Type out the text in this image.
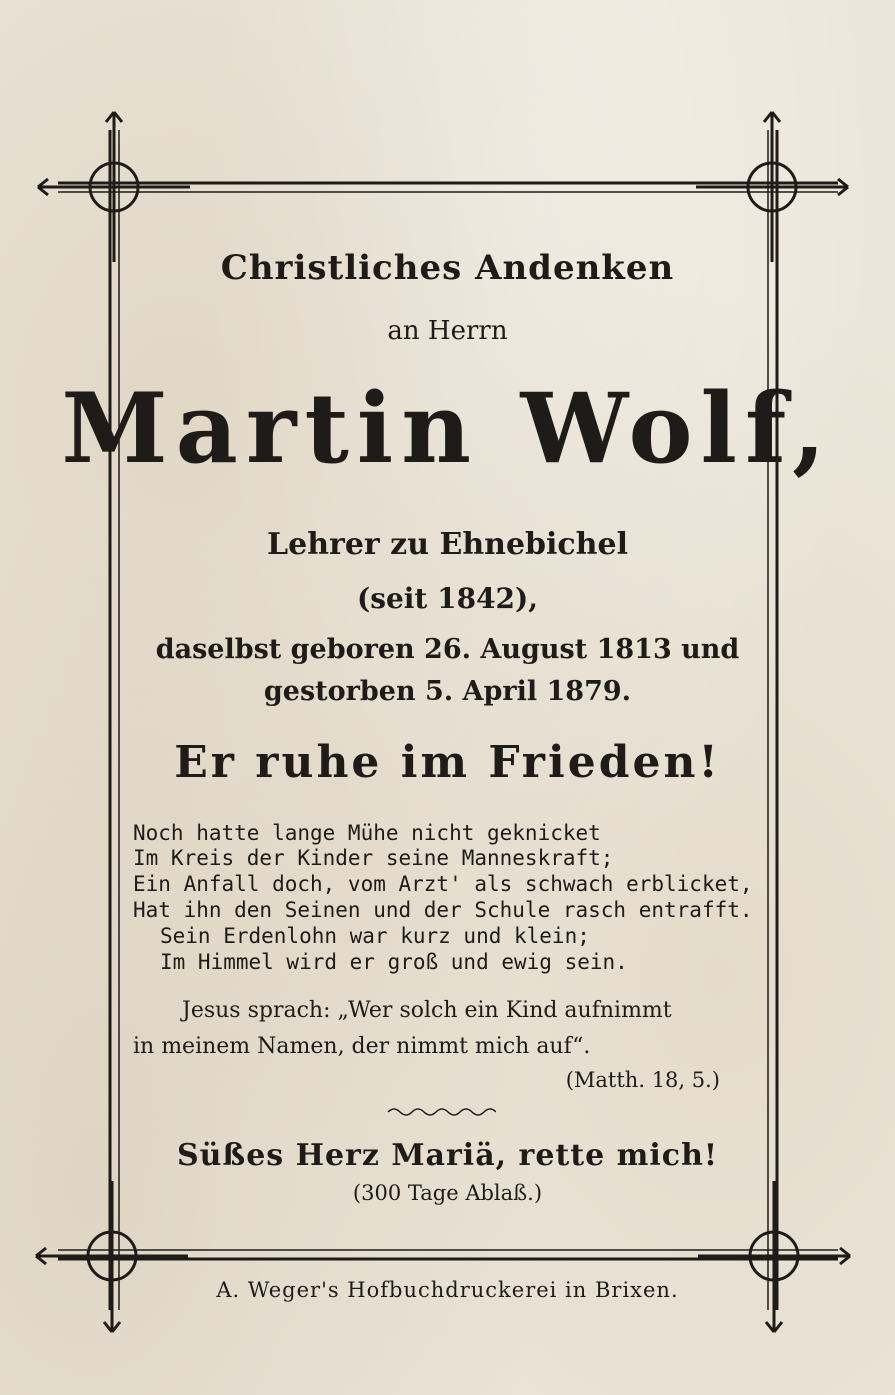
Christliches Andenken
an Herrn
Martin Wolf,
Lehrer zu Ehnebichel
(seit 1842),
daselbst geboren 26. August 1813 und
gestorben 5. April 1879.
Er ruhe im Frieden!
Noch hatte lange Mühe nicht geknicket
Im Kreis der Kinder seine Manneskraft;
Ein Anfall doch, vom Arzt' als schwach erblicket,
Hat ihn den Seinen und der Schule rasch entrafft.
Sein Erdenlohn war kurz und klein;
Im Himmel wird er groß und ewig sein.
Jesus sprach: „Wer solch ein Kind aufnimmt
in meinem Namen, der nimmt mich auf“.
(Matth. 18, 5.)
Süßes Herz Mariä, rette mich!
(300 Tage Ablaß.)
A. Weger's Hofbuchdruckerei in Brixen.
